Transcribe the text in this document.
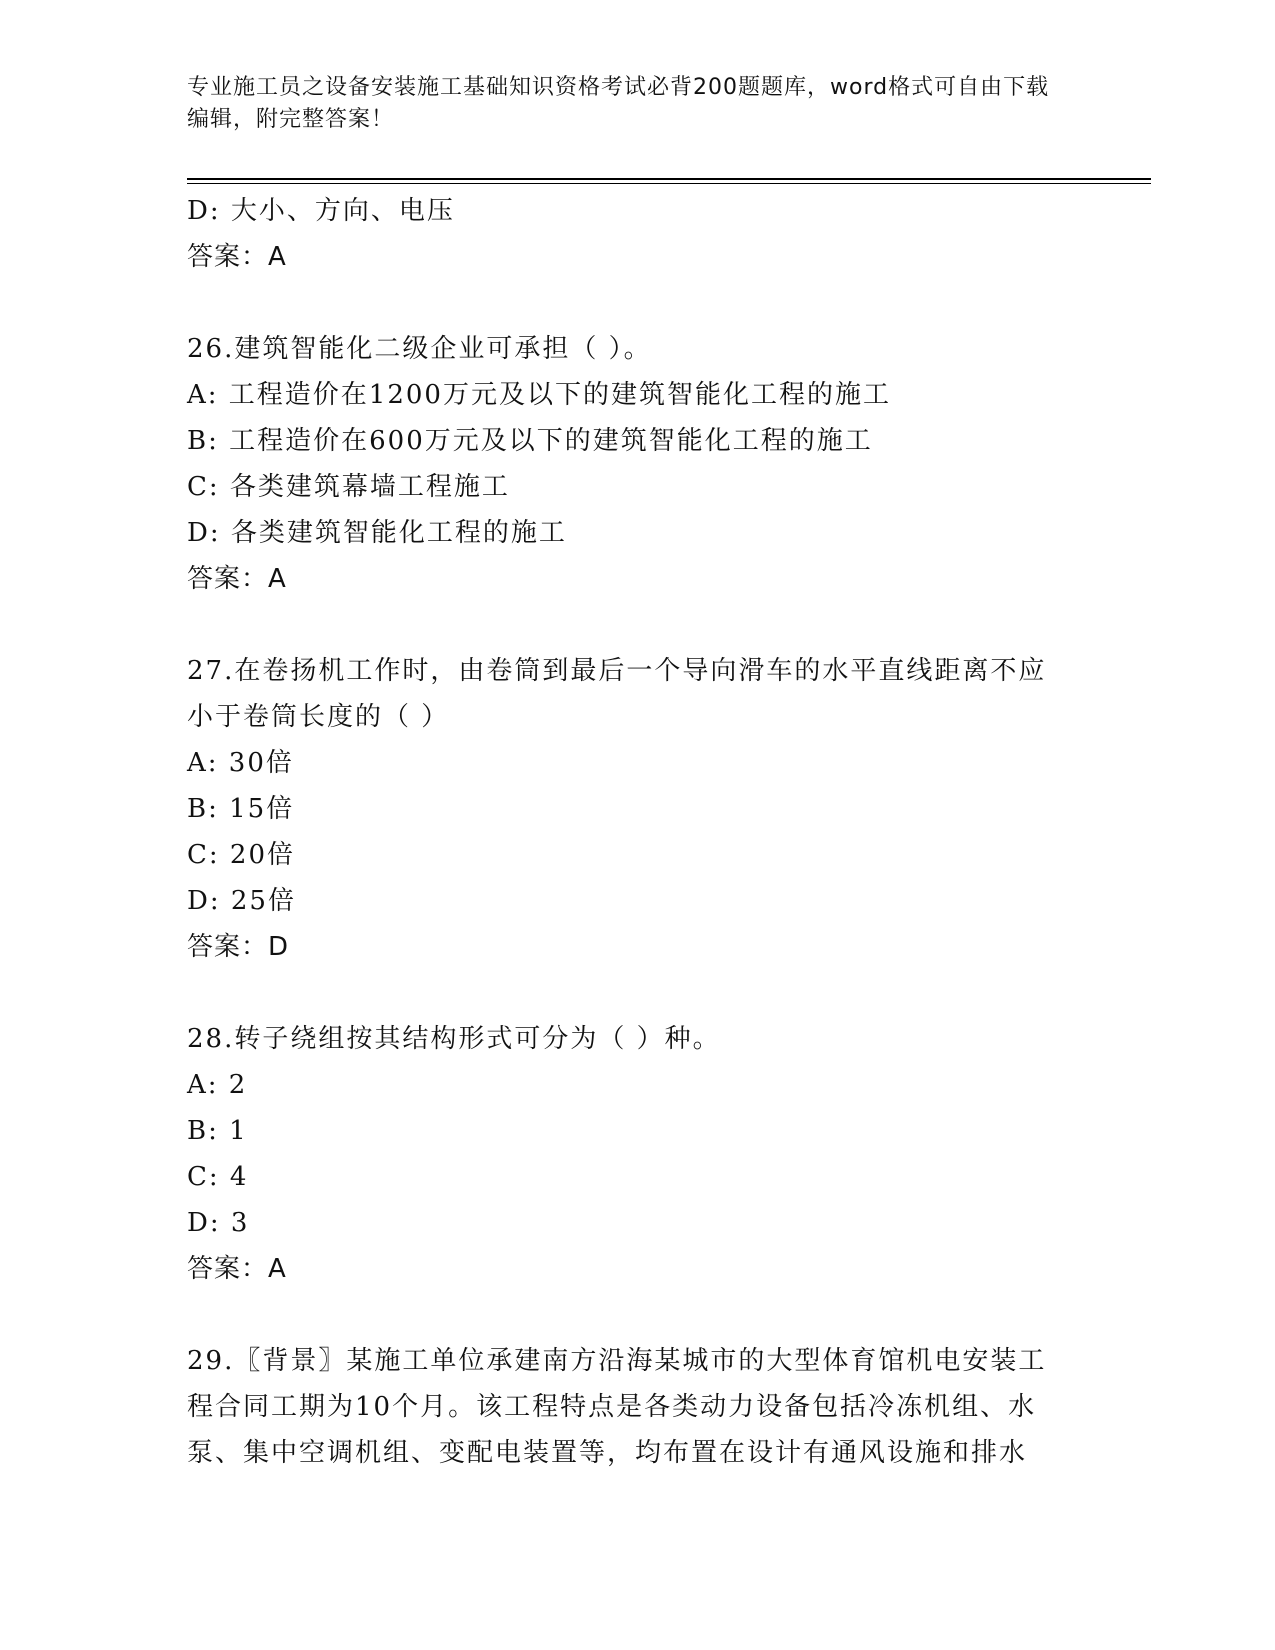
专业施工员之设备安装施工基础知识资格考试必背200题题库，word格式可自由下载编辑，附完整答案！
D: 大小、方向、电压
答案：A
26.建筑智能化二级企业可承担（ ）。
A: 工程造价在1200万元及以下的建筑智能化工程的施工
B: 工程造价在600万元及以下的建筑智能化工程的施工
C: 各类建筑幕墙工程施工
D: 各类建筑智能化工程的施工
答案：A
27.在卷扬机工作时，由卷筒到最后一个导向滑车的水平直线距离不应
小于卷筒长度的（ ）
A: 30倍
B: 15倍
C: 20倍
D: 25倍
答案：D
28.转子绕组按其结构形式可分为（ ）种。
A: 2
B: 1
C: 4
D: 3
答案：A
29.〖背景〗某施工单位承建南方沿海某城市的大型体育馆机电安装工
程合同工期为10个月。该工程特点是各类动力设备包括冷冻机组、水
泵、集中空调机组、变配电装置等，均布置在设计有通风设施和排水
